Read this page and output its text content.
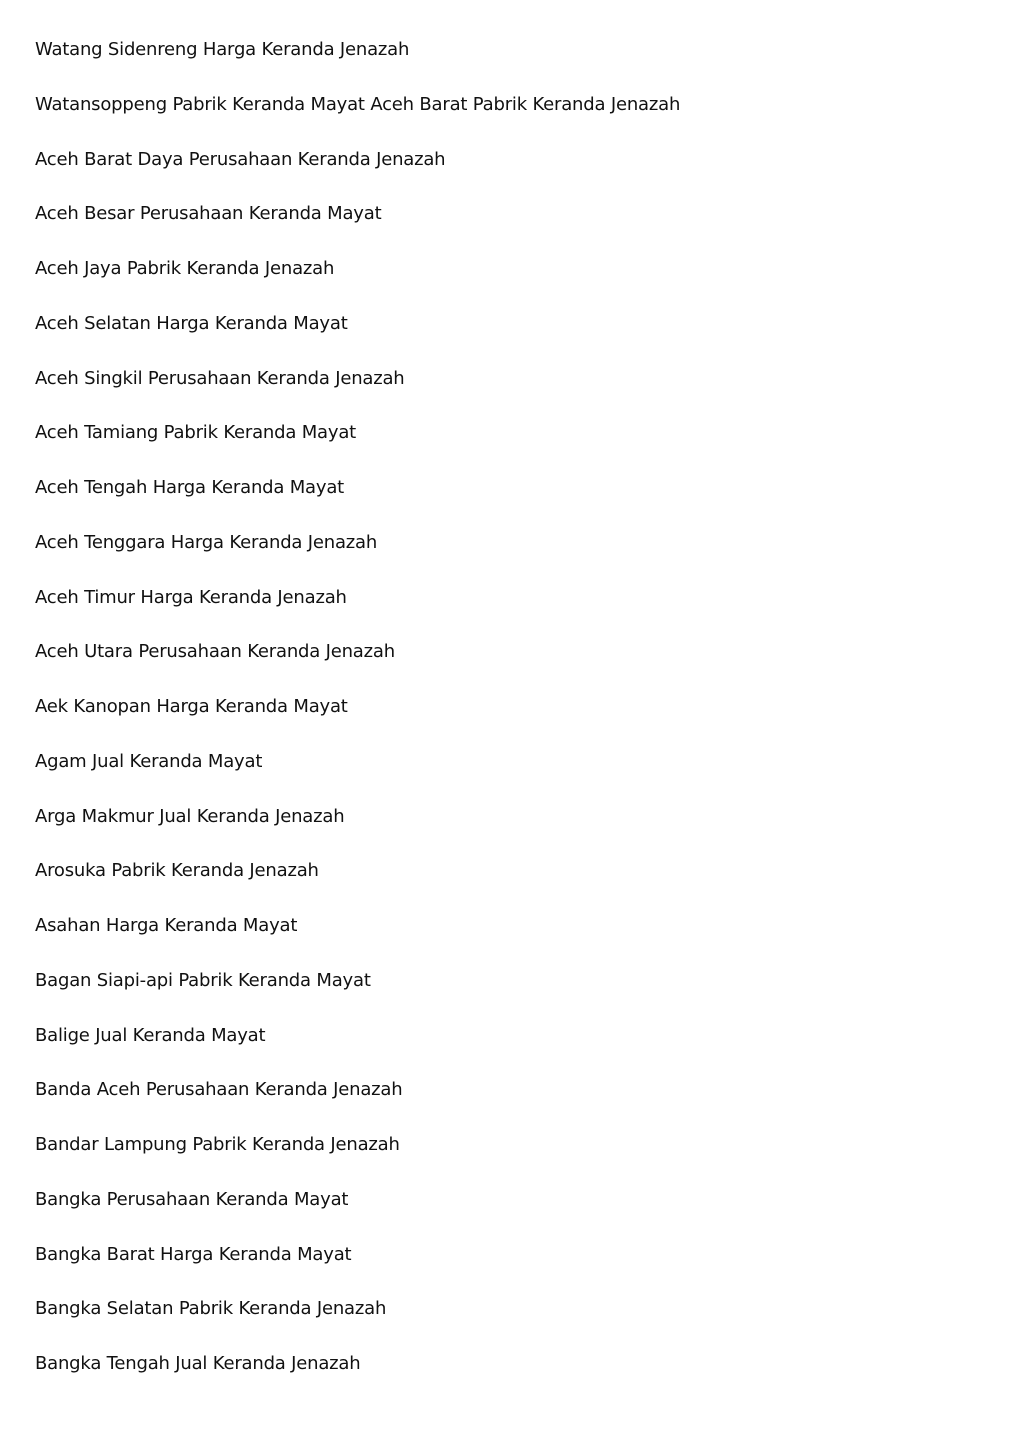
Watang Sidenreng Harga Keranda Jenazah
Watansoppeng Pabrik Keranda Mayat Aceh Barat Pabrik Keranda Jenazah
Aceh Barat Daya Perusahaan Keranda Jenazah
Aceh Besar Perusahaan Keranda Mayat
Aceh Jaya Pabrik Keranda Jenazah
Aceh Selatan Harga Keranda Mayat
Aceh Singkil Perusahaan Keranda Jenazah
Aceh Tamiang Pabrik Keranda Mayat
Aceh Tengah Harga Keranda Mayat
Aceh Tenggara Harga Keranda Jenazah
Aceh Timur Harga Keranda Jenazah
Aceh Utara Perusahaan Keranda Jenazah
Aek Kanopan Harga Keranda Mayat
Agam Jual Keranda Mayat
Arga Makmur Jual Keranda Jenazah
Arosuka Pabrik Keranda Jenazah
Asahan Harga Keranda Mayat
Bagan Siapi-api Pabrik Keranda Mayat
Balige Jual Keranda Mayat
Banda Aceh Perusahaan Keranda Jenazah
Bandar Lampung Pabrik Keranda Jenazah
Bangka Perusahaan Keranda Mayat
Bangka Barat Harga Keranda Mayat
Bangka Selatan Pabrik Keranda Jenazah
Bangka Tengah Jual Keranda Jenazah
